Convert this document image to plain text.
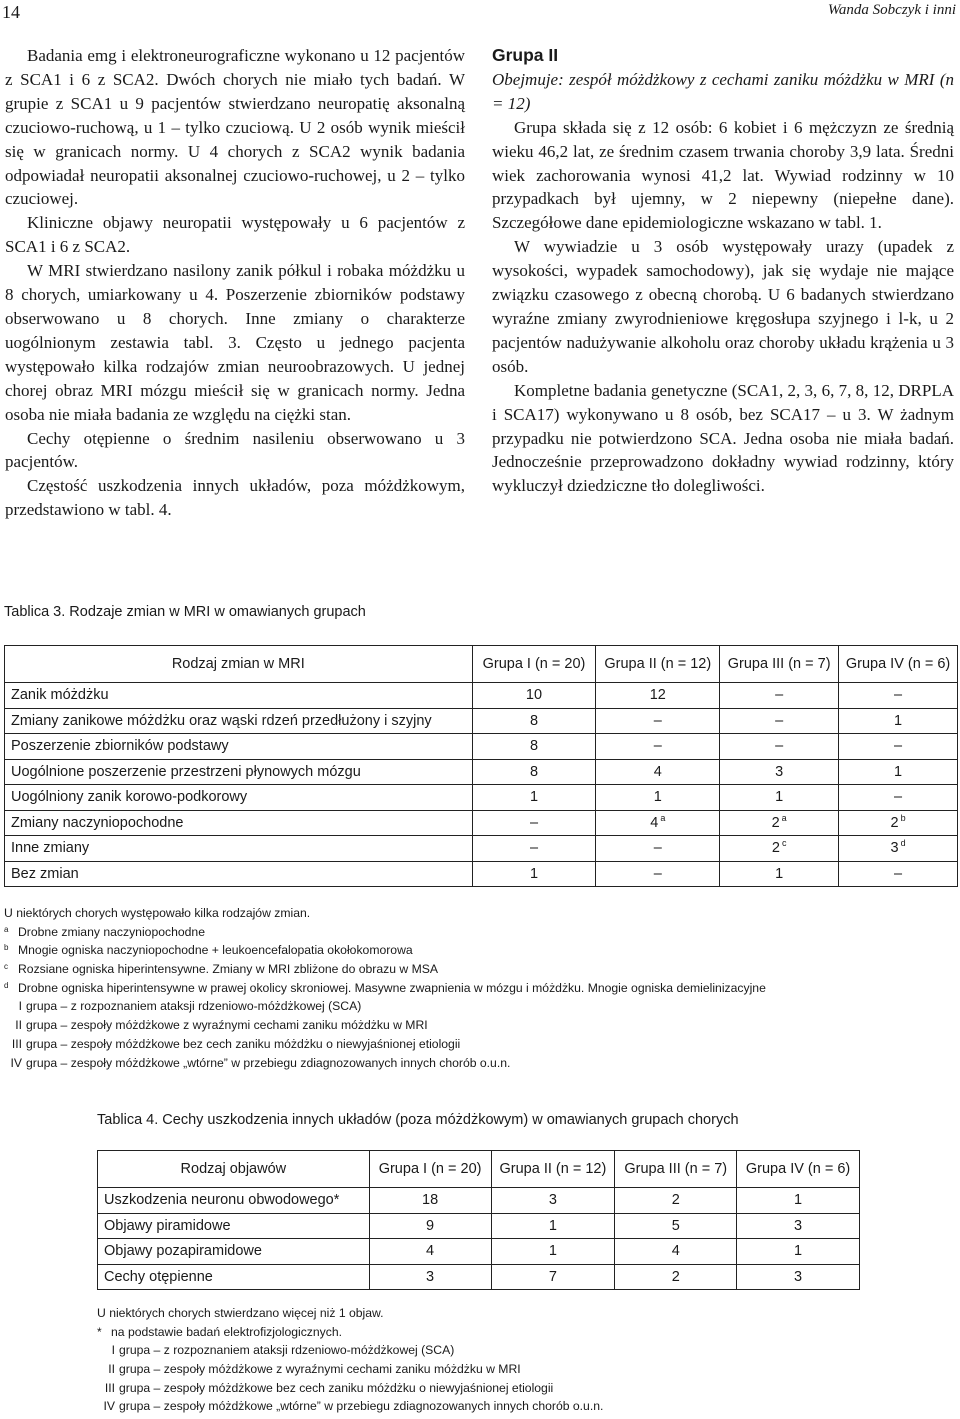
14	Wanda Sobczyk i inni

Badania emg i elektroneurograficzne wykonano u 12 pacjentów z SCA1 i 6 z SCA2. Dwóch chorych nie miało tych badań. W grupie z SCA1 u 9 pacjentów stwierdzano neuropatię aksonalną czuciowo-ruchową, u 1 – tylko czuciową. U 2 osób wynik mieścił się w granicach normy. U 4 chorych z SCA2 wynik badania odpowiadał neuropatii aksonalnej czuciowo-ruchowej, u 2 – tylko czuciowej.

Kliniczne objawy neuropatii występowały u 6 pacjentów z SCA1 i 6 z SCA2.

W MRI stwierdzano nasilony zanik półkul i robaka móżdżku u 8 chorych, umiarkowany u 4. Poszerzenie zbiorników podstawy obserwowano u 8 chorych. Inne zmiany o charakterze uogólnionym zestawia tabl. 3. Często u jednego pacjenta występowało kilka rodzajów zmian neuroobrazowych. U jednej chorej obraz MRI mózgu mieścił się w granicach normy. Jedna osoba nie miała badania ze względu na ciężki stan.

Cechy otępienne o średnim nasileniu obserwowano u 3 pacjentów.

Częstość uszkodzenia innych układów, poza móżdżkowym, przedstawiono w tabl. 4.

Grupa II

Obejmuje: zespół móżdżkowy z cechami zaniku móżdżku w MRI (n = 12)

Grupa składa się z 12 osób: 6 kobiet i 6 mężczyzn ze średnią wieku 46,2 lat, ze średnim czasem trwania choroby 3,9 lata. Średni wiek zachorowania wynosi 41,2 lat. Wywiad rodzinny w 10 przypadkach był ujemny, w 2 niepewny (niepełne dane). Szczegółowe dane epidemiologiczne wskazano w tabl. 1.

W wywiadzie u 3 osób występowały urazy (upadek z wysokości, wypadek samochodowy), jak się wydaje nie mające związku czasowego z obecną chorobą. U 6 badanych stwierdzano wyraźne zmiany zwyrodnieniowe kręgosłupa szyjnego i l-k, u 2 pacjentów nadużywanie alkoholu oraz choroby układu krążenia u 3 osób.

Kompletne badania genetyczne (SCA1, 2, 3, 6, 7, 8, 12, DRPLA i SCA17) wykonywano u 8 osób, bez SCA17 – u 3. W żadnym przypadku nie potwierdzono SCA. Jedna osoba nie miała badań. Jednocześnie przeprowadzono dokładny wywiad rodzinny, który wykluczył dziedziczne tło dolegliwości.

Tablica 3. Rodzaje zmian w MRI w omawianych grupach
Rodzaj zmian w MRI	Grupa I (n = 20)	Grupa II (n = 12)	Grupa III (n = 7)	Grupa IV (n = 6)
Zanik móżdżku	10	12	–	–
Zmiany zanikowe móżdżku oraz wąski rdzeń przedłużony i szyjny	8	–	–	1
Poszerzenie zbiorników podstawy	8	–	–	–
Uogólnione poszerzenie przestrzeni płynowych mózgu	8	4	3	1
Uogólniony zanik korowo-podkorowy	1	1	1	–
Zmiany naczyniopochodne	–	4 $^a$	2 $^a$	2 $^b$
Inne zmiany	–	–	2 $^c$	3 $^d$
Bez zmian	1	–	1	–
U niektórych chorych występowało kilka rodzajów zmian.
a Drobne zmiany naczyniopochodne
b Mnogie ogniska naczyniopochodne + leukoencefalopatia okołokomorowa
c Rozsiane ogniska hiperintensywne. Zmiany w MRI zbliżone do obrazu w MSA
d Drobne ogniska hiperintensywne w prawej okolicy skroniowej. Masywne zwapnienia w mózgu i móżdżku. Mnogie ogniska demielinizacyjne
I grupa – z rozpoznaniem ataksji rdzeniowo-móżdżkowej (SCA)
II grupa – zespoły móżdżkowe z wyraźnymi cechami zaniku móżdżku w MRI
III grupa – zespoły móżdżkowe bez cech zaniku móżdżku o niewyjaśnionej etiologii
IV grupa – zespoły móżdżkowe „wtórne” w przebiegu zdiagnozowanych innych chorób o.u.n.
Tablica 4. Cechy uszkodzenia innych układów (poza móżdżkowym) w omawianych grupach chorych
Rodzaj objawów	Grupa I (n = 20)	Grupa II (n = 12)	Grupa III (n = 7)	Grupa IV (n = 6)
Uszkodzenia neuronu obwodowego*	18	3	2	1
Objawy piramidowe	9	1	5	3
Objawy pozapiramidowe	4	1	4	1
Cechy otępienne	3	7	2	3
U niektórych chorych stwierdzano więcej niż 1 objaw.
* na podstawie badań elektrofizjologicznych.
I grupa – z rozpoznaniem ataksji rdzeniowo-móżdżkowej (SCA)
II grupa – zespoły móżdżkowe z wyraźnymi cechami zaniku móżdżku w MRI
III grupa – zespoły móżdżkowe bez cech zaniku móżdżku o niewyjaśnionej etiologii
IV grupa – zespoły móżdżkowe „wtórne” w przebiegu zdiagnozowanych innych chorób o.u.n.
